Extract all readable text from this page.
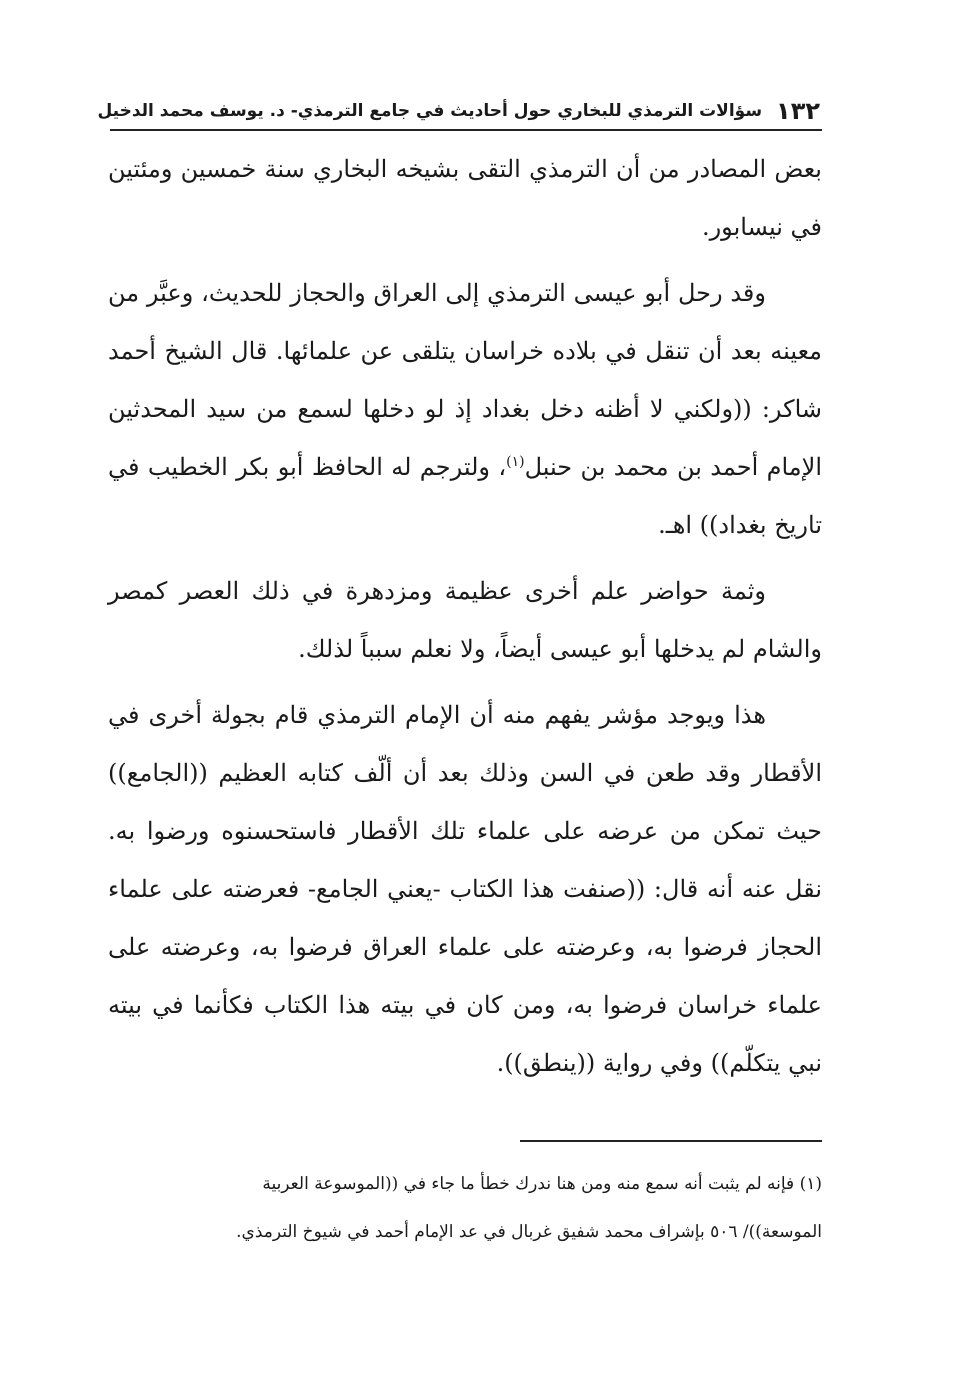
١٣٢
سؤالات الترمذي للبخاري حول أحاديث في جامع الترمذي- د. يوسف محمد الدخيل

بعض المصادر من أن الترمذي التقى بشيخه البخاري سنة خمسين ومئتين في نيسابور.

وقد رحل أبو عيسى الترمذي إلى العراق والحجاز للحديث، وعبَّر من معينه بعد أن تنقل في بلاده خراسان يتلقى عن علمائها. قال الشيخ أحمد شاكر: ((ولكني لا أظنه دخل بغداد إذ لو دخلها لسمع من سيد المحدثين الإمام أحمد بن محمد بن حنبل$^{(١)}$، ولترجم له الحافظ أبو بكر الخطيب في تاريخ بغداد)) اهـ.

وثمة حواضر علم أخرى عظيمة ومزدهرة في ذلك العصر كمصر والشام لم يدخلها أبو عيسى أيضاً، ولا نعلم سبباً لذلك.

هذا ويوجد مؤشر يفهم منه أن الإمام الترمذي قام بجولة أخرى في الأقطار وقد طعن في السن وذلك بعد أن ألّف كتابه العظيم ((الجامع)) حيث تمكن من عرضه على علماء تلك الأقطار فاستحسنوه ورضوا به. نقل عنه أنه قال: ((صنفت هذا الكتاب -يعني الجامع- فعرضته على علماء الحجاز فرضوا به، وعرضته على علماء العراق فرضوا به، وعرضته على علماء خراسان فرضوا به، ومن كان في بيته هذا الكتاب فكأنما في بيته نبي يتكلّم)) وفي رواية ((ينطق)).

(١) فإنه لم يثبت أنه سمع منه ومن هنا ندرك خطأ ما جاء في ((الموسوعة العربية

الموسعة))/ ٥٠٦ بإشراف محمد شفيق غربال في عد الإمام أحمد في شيوخ الترمذي.
